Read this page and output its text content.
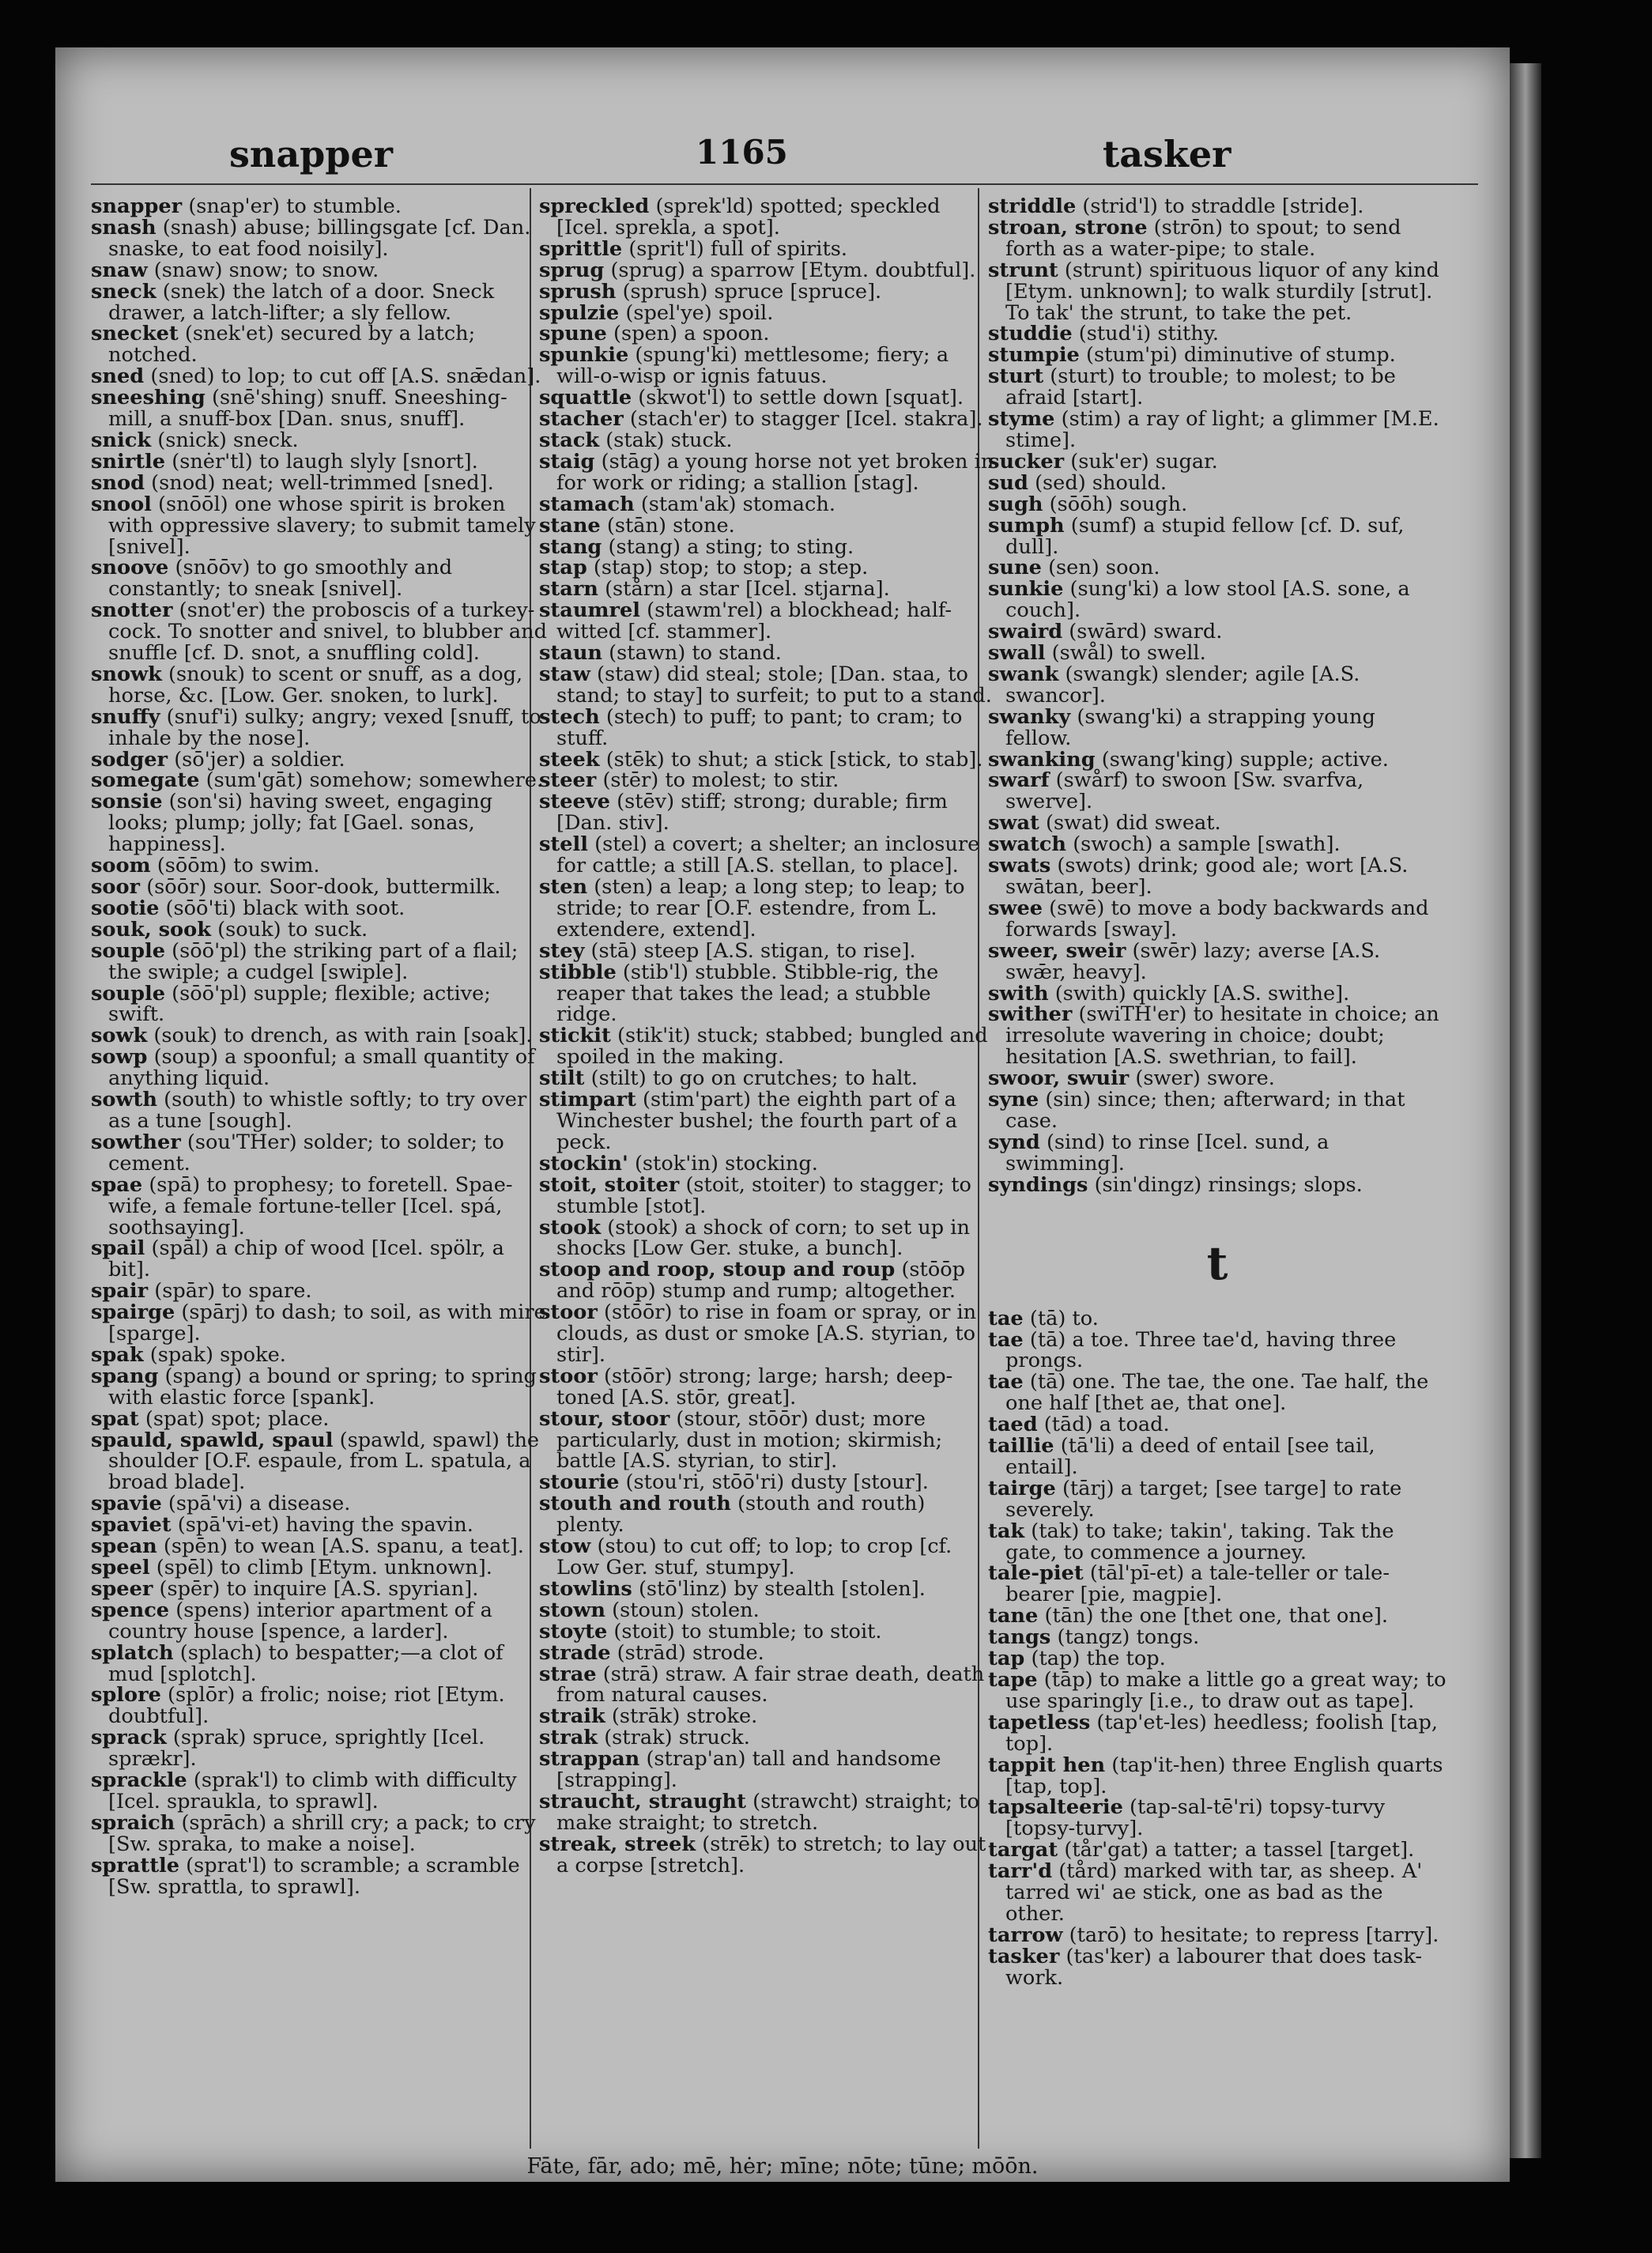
snapper	1165	tasker

snapper (snap'er) to stumble.

snash (snash) abuse; billingsgate [cf. Dan. snaske, to eat food noisily].

snaw (snaw) snow; to snow.

sneck (snek) the latch of a door. Sneck drawer, a latch-lifter; a sly fellow.

snecket (snek'et) secured by a latch; notched.

sned (sned) to lop; to cut off [A.S. snǣdan].

sneeshing (snē'shing) snuff. Sneeshing-mill, a snuff-box [Dan. snus, snuff].

snick (snick) sneck.

snirtle (snėr'tl) to laugh slyly [snort].

snod (snod) neat; well-trimmed [sned].

snool (snōōl) one whose spirit is broken with oppressive slavery; to submit tamely [snivel].

snoove (snōōv) to go smoothly and constantly; to sneak [snivel].

snotter (snot'er) the proboscis of a turkey-cock. To snotter and snivel, to blubber and snuffle [cf. D. snot, a snuffling cold].

snowk (snouk) to scent or snuff, as a dog, horse, &c. [Low. Ger. snoken, to lurk].

snuffy (snuf'i) sulky; angry; vexed [snuff, to inhale by the nose].

sodger (sō'jer) a soldier.

somegate (sum'gāt) somehow; somewhere.

sonsie (son'si) having sweet, engaging looks; plump; jolly; fat [Gael. sonas, happiness].

soom (sōōm) to swim.

soor (sōōr) sour. Soor-dook, buttermilk.

sootie (sōō'ti) black with soot.

souk, sook (souk) to suck.

souple (sōō'pl) the striking part of a flail; the swiple; a cudgel [swiple].

souple (sōō'pl) supple; flexible; active; swift.

sowk (souk) to drench, as with rain [soak].

sowp (soup) a spoonful; a small quantity of anything liquid.

sowth (south) to whistle softly; to try over as a tune [sough].

sowther (sou'THer) solder; to solder; to cement.

spae (spā) to prophesy; to foretell. Spae-wife, a female fortune-teller [Icel. spá, soothsaying].

spail (spāl) a chip of wood [Icel. spölr, a bit].

spair (spār) to spare.

spairge (spārj) to dash; to soil, as with mire [sparge].

spak (spak) spoke.

spang (spang) a bound or spring; to spring with elastic force [spank].

spat (spat) spot; place.

spauld, spawld, spaul (spawld, spawl) the shoulder [O.F. espaule, from L. spatula, a broad blade].

spavie (spā'vi) a disease.

spaviet (spā'vi-et) having the spavin.

spean (spēn) to wean [A.S. spanu, a teat].

speel (spēl) to climb [Etym. unknown].

speer (spēr) to inquire [A.S. spyrian].

spence (spens) interior apartment of a country house [spence, a larder].

splatch (splach) to bespatter;—a clot of mud [splotch].

splore (splōr) a frolic; noise; riot [Etym. doubtful].

sprack (sprak) spruce, sprightly [Icel. sprækr].

sprackle (sprak'l) to climb with difficulty [Icel. spraukla, to sprawl].

spraich (sprāch) a shrill cry; a pack; to cry [Sw. spraka, to make a noise].

sprattle (sprat'l) to scramble; a scramble [Sw. sprattla, to sprawl].

spreckled (sprek'ld) spotted; speckled [Icel. sprekla, a spot].

sprittle (sprit'l) full of spirits.

sprug (sprug) a sparrow [Etym. doubtful].

sprush (sprush) spruce [spruce].

spulzie (spel'ye) spoil.

spune (spen) a spoon.

spunkie (spung'ki) mettlesome; fiery; a will-o-wisp or ignis fatuus.

squattle (skwot'l) to settle down [squat].

stacher (stach'er) to stagger [Icel. stakra].

stack (stak) stuck.

staig (stāg) a young horse not yet broken in for work or riding; a stallion [stag].

stamach (stam'ak) stomach.

stane (stān) stone.

stang (stang) a sting; to sting.

stap (stap) stop; to stop; a step.

starn (stårn) a star [Icel. stjarna].

staumrel (stawm'rel) a blockhead; half-witted [cf. stammer].

staun (stawn) to stand.

staw (staw) did steal; stole; [Dan. staa, to stand; to stay] to surfeit; to put to a stand.

stech (stech) to puff; to pant; to cram; to stuff.

steek (stēk) to shut; a stick [stick, to stab].

steer (stēr) to molest; to stir.

steeve (stēv) stiff; strong; durable; firm [Dan. stiv].

stell (stel) a covert; a shelter; an inclosure for cattle; a still [A.S. stellan, to place].

sten (sten) a leap; a long step; to leap; to stride; to rear [O.F. estendre, from L. extendere, extend].

stey (stā) steep [A.S. stigan, to rise].

stibble (stib'l) stubble. Stibble-rig, the reaper that takes the lead; a stubble ridge.

stickit (stik'it) stuck; stabbed; bungled and spoiled in the making.

stilt (stilt) to go on crutches; to halt.

stimpart (stim'part) the eighth part of a Winchester bushel; the fourth part of a peck.

stockin' (stok'in) stocking.

stoit, stoiter (stoit, stoiter) to stagger; to stumble [stot].

stook (stook) a shock of corn; to set up in shocks [Low Ger. stuke, a bunch].

stoop and roop, stoup and roup (stōōp and rōōp) stump and rump; altogether.

stoor (stōōr) to rise in foam or spray, or in clouds, as dust or smoke [A.S. styrian, to stir].

stoor (stōōr) strong; large; harsh; deep-toned [A.S. stōr, great].

stour, stoor (stour, stōōr) dust; more particularly, dust in motion; skirmish; battle [A.S. styrian, to stir].

stourie (stou'ri, stōō'ri) dusty [stour].

stouth and routh (stouth and routh) plenty.

stow (stou) to cut off; to lop; to crop [cf. Low Ger. stuf, stumpy].

stowlins (stō'linz) by stealth [stolen].

stown (stoun) stolen.

stoyte (stoit) to stumble; to stoit.

strade (strād) strode.

strae (strā) straw. A fair strae death, death from natural causes.

straik (strāk) stroke.

strak (strak) struck.

strappan (strap'an) tall and handsome [strapping].

straucht, straught (strawcht) straight; to make straight; to stretch.

streak, streek (strēk) to stretch; to lay out a corpse [stretch].

striddle (strid'l) to straddle [stride].

stroan, strone (strōn) to spout; to send forth as a water-pipe; to stale.

strunt (strunt) spirituous liquor of any kind [Etym. unknown]; to walk sturdily [strut]. To tak' the strunt, to take the pet.

studdie (stud'i) stithy.

stumpie (stum'pi) diminutive of stump.

sturt (sturt) to trouble; to molest; to be afraid [start].

styme (stim) a ray of light; a glimmer [M.E. stime].

sucker (suk'er) sugar.

sud (sed) should.

sugh (sōōh) sough.

sumph (sumf) a stupid fellow [cf. D. suf, dull].

sune (sen) soon.

sunkie (sung'ki) a low stool [A.S. sone, a couch].

swaird (swārd) sward.

swall (swål) to swell.

swank (swangk) slender; agile [A.S. swancor].

swanky (swang'ki) a strapping young fellow.

swanking (swang'king) supple; active.

swarf (swårf) to swoon [Sw. svarfva, swerve].

swat (swat) did sweat.

swatch (swoch) a sample [swath].

swats (swots) drink; good ale; wort [A.S. swātan, beer].

swee (swē) to move a body backwards and forwards [sway].

sweer, sweir (swēr) lazy; averse [A.S. swǣr, heavy].

swith (swith) quickly [A.S. swithe].

swither (swiTH'er) to hesitate in choice; an irresolute wavering in choice; doubt; hesitation [A.S. swethrian, to fail].

swoor, swuir (swer) swore.

syne (sin) since; then; afterward; in that case.

synd (sind) to rinse [Icel. sund, a swimming].

syndings (sin'dingz) rinsings; slops.

t

tae (tā) to.

tae (tā) a toe. Three tae'd, having three prongs.

tae (tā) one. The tae, the one. Tae half, the one half [thet ae, that one].

taed (tād) a toad.

taillie (tā'li) a deed of entail [see tail, entail].

tairge (tārj) a target; [see targe] to rate severely.

tak (tak) to take; takin', taking. Tak the gate, to commence a journey.

tale-piet (tāl'pī-et) a tale-teller or tale-bearer [pie, magpie].

tane (tān) the one [thet one, that one].

tangs (tangz) tongs.

tap (tap) the top.

tape (tāp) to make a little go a great way; to use sparingly [i.e., to draw out as tape].

tapetless (tap'et-les) heedless; foolish [tap, top].

tappit hen (tap'it-hen) three English quarts [tap, top].

tapsalteerie (tap-sal-tē'ri) topsy-turvy [topsy-turvy].

targat (tår'gat) a tatter; a tassel [target].

tarr'd (tård) marked with tar, as sheep. A' tarred wi' ae stick, one as bad as the other.

tarrow (tarō) to hesitate; to repress [tarry].

tasker (tas'ker) a labourer that does task-work.

Fāte, fār, ado; mē, hėr; mīne; nōte; tūne; mōōn.
